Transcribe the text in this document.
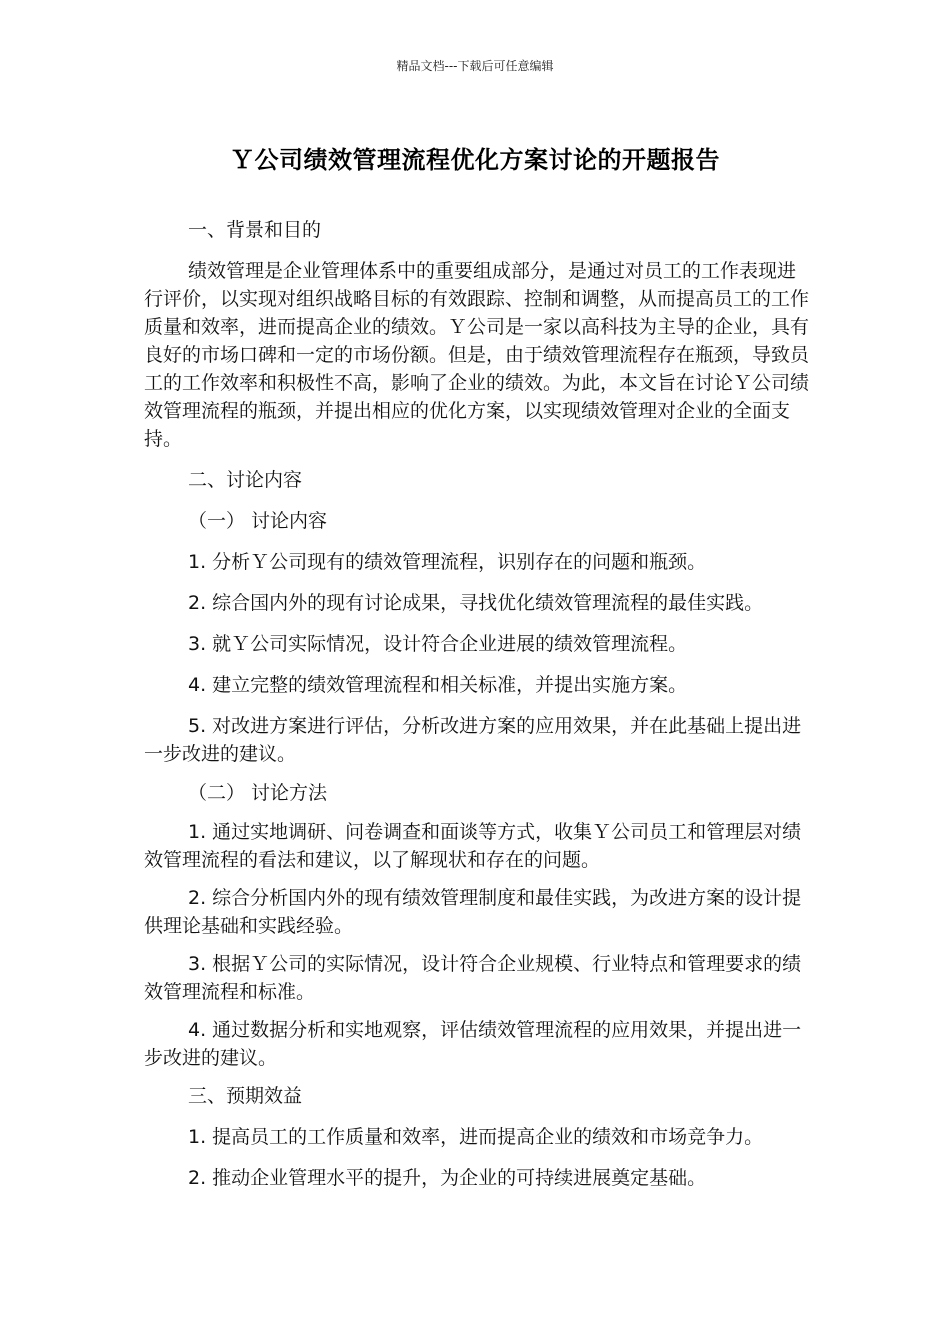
精品文档---下载后可任意编辑
Ｙ公司绩效管理流程优化方案讨论的开题报告

一、背景和目的

绩效管理是企业管理体系中的重要组成部分，是通过对员工的工作表现进行评价，以实现对组织战略目标的有效跟踪、控制和调整，从而提高员工的工作质量和效率，进而提高企业的绩效。Ｙ公司是一家以高科技为主导的企业，具有良好的市场口碑和一定的市场份额。但是，由于绩效管理流程存在瓶颈，导致员工的工作效率和积极性不高，影响了企业的绩效。为此，本文旨在讨论Ｙ公司绩效管理流程的瓶颈，并提出相应的优化方案，以实现绩效管理对企业的全面支持。

二、讨论内容

（一） 讨论内容

1. 分析Ｙ公司现有的绩效管理流程，识别存在的问题和瓶颈。

2. 综合国内外的现有讨论成果，寻找优化绩效管理流程的最佳实践。

3. 就Ｙ公司实际情况，设计符合企业进展的绩效管理流程。

4. 建立完整的绩效管理流程和相关标准，并提出实施方案。

5. 对改进方案进行评估，分析改进方案的应用效果，并在此基础上提出进一步改进的建议。

（二） 讨论方法

1. 通过实地调研、问卷调查和面谈等方式，收集Ｙ公司员工和管理层对绩效管理流程的看法和建议，以了解现状和存在的问题。

2. 综合分析国内外的现有绩效管理制度和最佳实践，为改进方案的设计提供理论基础和实践经验。

3. 根据Ｙ公司的实际情况，设计符合企业规模、行业特点和管理要求的绩效管理流程和标准。

4. 通过数据分析和实地观察，评估绩效管理流程的应用效果，并提出进一步改进的建议。

三、预期效益

1. 提高员工的工作质量和效率，进而提高企业的绩效和市场竞争力。

2. 推动企业管理水平的提升，为企业的可持续进展奠定基础。
